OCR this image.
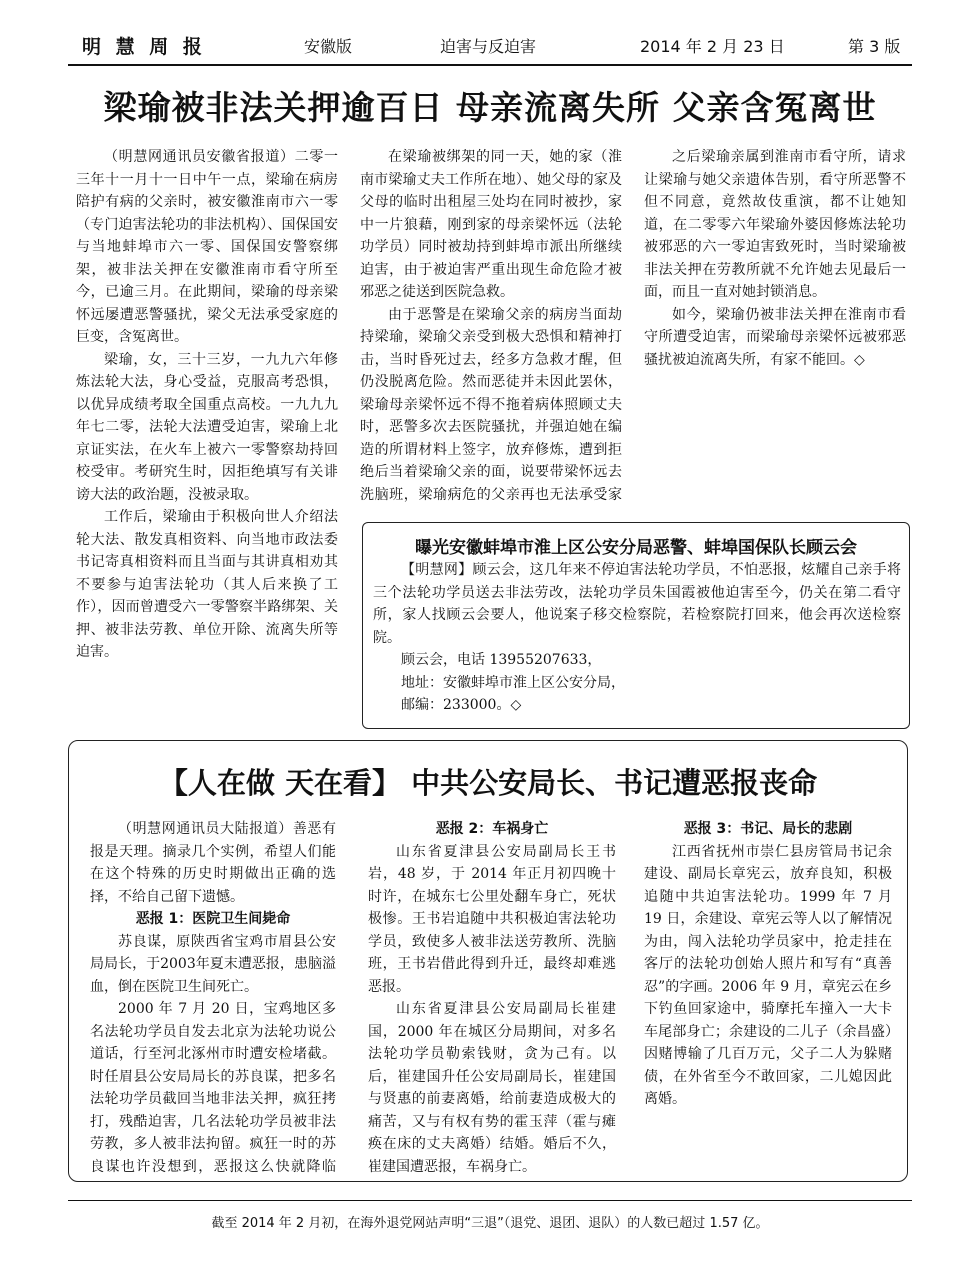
明 慧 周 报	安徽版	迫害与反迫害	2014 年 2 月 23 日	第 3 版
梁瑜被非法关押逾百日 母亲流离失所 父亲含冤离世

（明慧网通讯员安徽省报道）二零一三年十一月十一日中午一点，梁瑜在病房陪护有病的父亲时，被安徽淮南市六一零（专门迫害法轮功的非法机构）、国保国安与当地蚌埠市六一零、国保国安警察绑架，被非法关押在安徽淮南市看守所至今，已逾三月。在此期间，梁瑜的母亲梁怀远屡遭恶警骚扰，梁父无法承受家庭的巨变，含冤离世。

梁瑜，女，三十三岁，一九九六年修炼法轮大法，身心受益，克服高考恐惧，以优异成绩考取全国重点高校。一九九九年七二零，法轮大法遭受迫害，梁瑜上北京证实法，在火车上被六一零警察劫持回校受审。考研究生时，因拒绝填写有关诽谤大法的政治题，没被录取。

工作后，梁瑜由于积极向世人介绍法轮大法、散发真相资料、向当地市政法委书记寄真相资料而且当面与其讲真相劝其不要参与迫害法轮功（其人后来换了工作），因而曾遭受六一零警察半路绑架、关押、被非法劳教、单位开除、流离失所等迫害。

在梁瑜被绑架的同一天，她的家（淮南市梁瑜丈夫工作所在地）、她父母的家及父母的临时出租屋三处均在同时被抄，家中一片狼藉，刚到家的母亲梁怀远（法轮功学员）同时被劫持到蚌埠市派出所继续迫害，由于被迫害严重出现生命危险才被邪恶之徒送到医院急救。

由于恶警是在梁瑜父亲的病房当面劫持梁瑜，梁瑜父亲受到极大恐惧和精神打击，当时昏死过去，经多方急救才醒，但仍没脱离危险。然而恶徒并未因此罢休，梁瑜母亲梁怀远不得不拖着病体照顾丈夫时，恶警多次去医院骚扰，并强迫她在编造的所谓材料上签字，放弃修炼，遭到拒绝后当着梁瑜父亲的面，说要带梁怀远去洗脑班，梁瑜病危的父亲再也无法承受家

之后梁瑜亲属到淮南市看守所，请求让梁瑜与她父亲遗体告别，看守所恶警不但不同意，竟然故伎重演，都不让她知道，在二零零六年梁瑜外婆因修炼法轮功被邪恶的六一零迫害致死时，当时梁瑜被非法关押在劳教所就不允许她去见最后一面，而且一直对她封锁消息。

如今，梁瑜仍被非法关押在淮南市看守所遭受迫害，而梁瑜母亲梁怀远被邪恶骚扰被迫流离失所，有家不能回。◇

曝光安徽蚌埠市淮上区公安分局恶警、蚌埠国保队长顾云会

【明慧网】顾云会，这几年来不停迫害法轮功学员，不怕恶报，炫耀自己亲手将三个法轮功学员送去非法劳改，法轮功学员朱国霞被他迫害至今，仍关在第二看守所，家人找顾云会要人，他说案子移交检察院，若检察院打回来，他会再次送检察院。

顾云会，电话 13955207633，

地址：安徽蚌埠市淮上区公安分局，

邮编：233000。◇

【人在做 天在看】 中共公安局长、书记遭恶报丧命

（明慧网通讯员大陆报道）善恶有报是天理。摘录几个实例，希望人们能在这个特殊的历史时期做出正确的选择，不给自己留下遗憾。

恶报 1：医院卫生间毙命

苏良谋，原陕西省宝鸡市眉县公安局局长，于2003年夏末遭恶报，患脑溢血，倒在医院卫生间死亡。

2000 年 7 月 20 日，宝鸡地区多名法轮功学员自发去北京为法轮功说公道话，行至河北涿州市时遭安检堵截。时任眉县公安局局长的苏良谋，把多名法轮功学员截回当地非法关押，疯狂拷打，残酷迫害，几名法轮功学员被非法劳教，多人被非法拘留。疯狂一时的苏良谋也许没想到，恶报这么快就降临

恶报 2：车祸身亡

山东省夏津县公安局副局长王书岩，48 岁，于 2014 年正月初四晚十时许，在城东七公里处翻车身亡，死状极惨。王书岩追随中共积极迫害法轮功学员，致使多人被非法送劳教所、洗脑班，王书岩借此得到升迁，最终却难逃恶报。

山东省夏津县公安局副局长崔建国，2000 年在城区分局期间，对多名法轮功学员勒索钱财，贪为己有。以后，崔建国升任公安局副局长，崔建国与贤惠的前妻离婚，给前妻造成极大的痛苦，又与有权有势的霍玉萍（霍与瘫痪在床的丈夫离婚）结婚。婚后不久，崔建国遭恶报，车祸身亡。

恶报 3：书记、局长的悲剧

江西省抚州市崇仁县房管局书记余建设、副局长章宪云，放弃良知，积极追随中共迫害法轮功。1999 年 7 月 19 日，余建设、章宪云等人以了解情况为由，闯入法轮功学员家中，抢走挂在客厅的法轮功创始人照片和写有“真善忍”的字画。2006 年 9 月，章宪云在乡下钓鱼回家途中，骑摩托车撞入一大卡车尾部身亡；余建设的二儿子（余昌盛）因赌博输了几百万元，父子二人为躲赌债，在外省至今不敢回家，二儿媳因此离婚。

截至 2014 年 2 月初，在海外退党网站声明“三退”（退党、退团、退队）的人数已超过 1.57 亿。
